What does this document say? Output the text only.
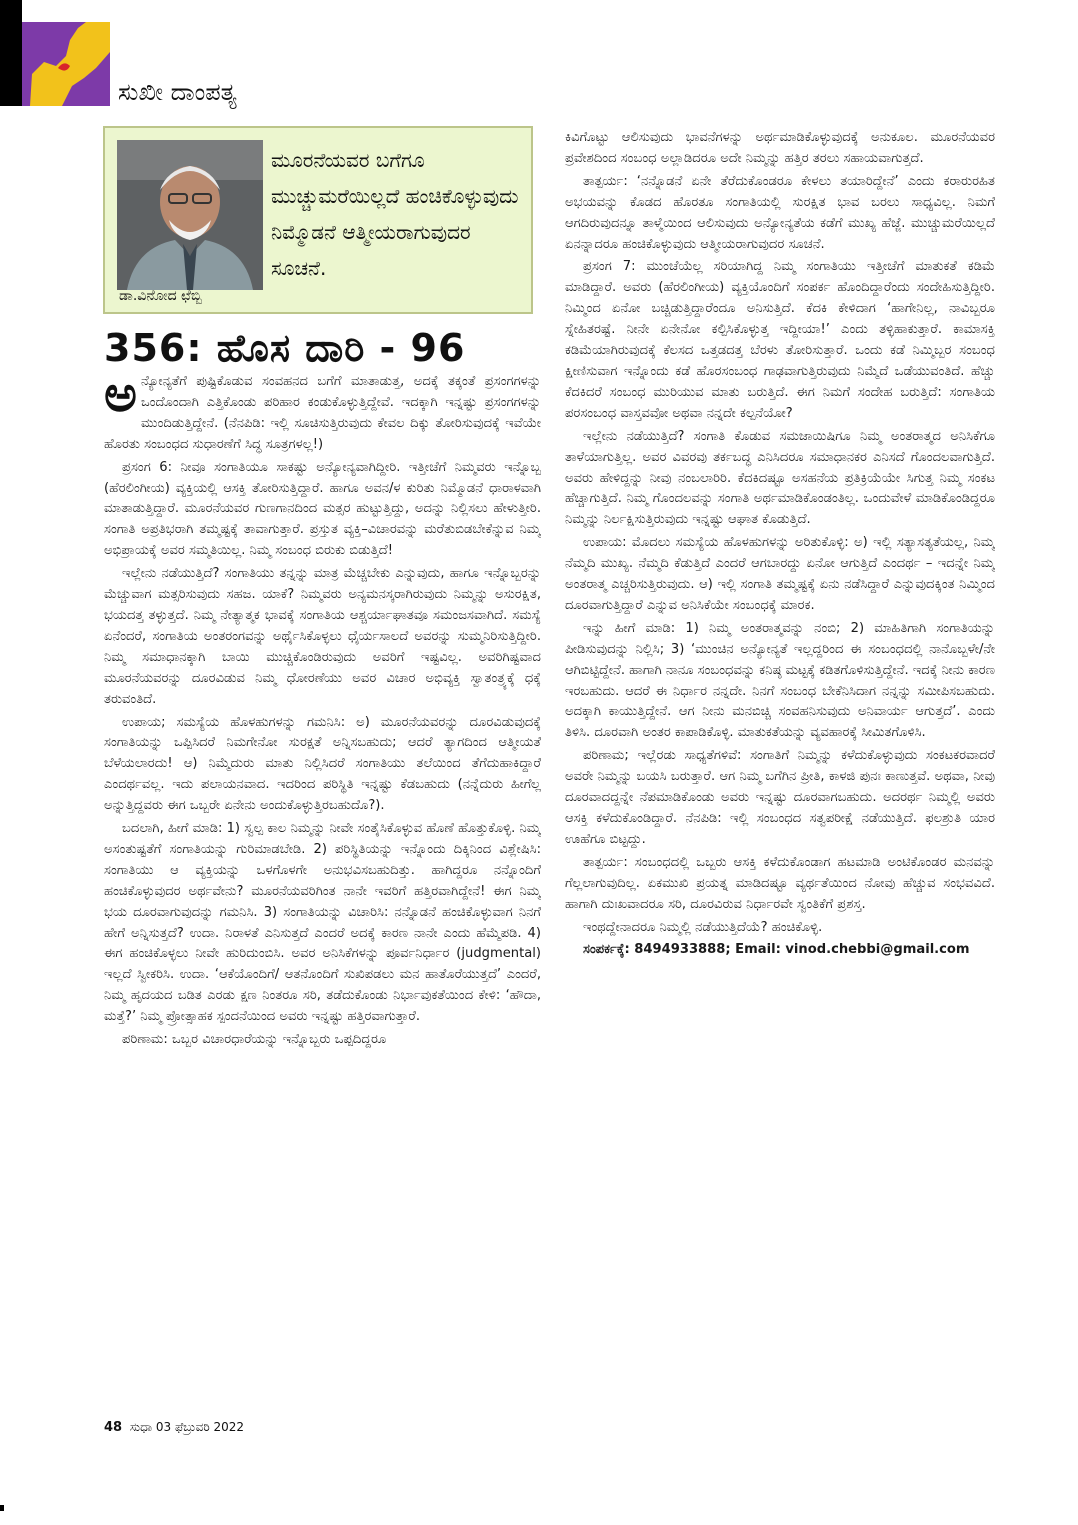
ಸುಖೀ ದಾಂಪತ್ಯ
ಡಾ.ವಿನೋದ ಛೆಬ್ಬಿ
ಮೂರನೆಯವರ ಬಗೆಗೂ ಮುಚ್ಚುಮರೆಯಿಲ್ಲದೆ ಹಂಚಿಕೊಳ್ಳುವುದು ನಿಮ್ಮೊಡನೆ ಆತ್ಮೀಯರಾಗುವುದರ ಸೂಚನೆ.
356: ಹೊಸ ದಾರಿ - 96

ಅನ್ಯೋನ್ಯತೆಗೆ ಪುಷ್ಟಿಕೊಡುವ ಸಂವಹನದ ಬಗೆಗೆ ಮಾತಾಡುತ್ತ, ಅದಕ್ಕೆ ತಕ್ಕಂತೆ ಪ್ರಸಂಗಗಳನ್ನು ಒಂದೊಂದಾಗಿ ಎತ್ತಿಕೊಂಡು ಪರಿಹಾರ ಕಂಡುಕೊಳ್ಳುತ್ತಿದ್ದೇವೆ. ಇದಕ್ಕಾಗಿ ಇನ್ನಷ್ಟು ಪ್ರಸಂಗಗಳನ್ನು ಮುಂದಿಡುತ್ತಿದ್ದೇನೆ. (ನೆನಪಿಡಿ: ಇಲ್ಲಿ ಸೂಚಿಸುತ್ತಿರುವುದು ಕೇವಲ ದಿಕ್ಕು ತೋರಿಸುವುದಕ್ಕೆ ಇವೆಯೇ ಹೊರತು ಸಂಬಂಧದ ಸುಧಾರಣೆಗೆ ಸಿದ್ಧ ಸೂತ್ರಗಳಲ್ಲ!)

ಪ್ರಸಂಗ 6: ನೀವೂ ಸಂಗಾತಿಯೂ ಸಾಕಷ್ಟು ಅನ್ಯೋನ್ಯವಾಗಿದ್ದೀರಿ. ಇತ್ತೀಚೆಗೆ ನಿಮ್ಮವರು ಇನ್ನೊಬ್ಬ (ಹೆರಲಿಂಗೀಯ) ವ್ಯಕ್ತಿಯಲ್ಲಿ ಆಸಕ್ತಿ ತೋರಿಸುತ್ತಿದ್ದಾರೆ. ಹಾಗೂ ಅವನ/ಳ ಕುರಿತು ನಿಮ್ಮೊಡನೆ ಧಾರಾಳವಾಗಿ ಮಾತಾಡುತ್ತಿದ್ದಾರೆ. ಮೂರನೆಯವರ ಗುಣಗಾನದಿಂದ ಮತ್ಸರ ಹುಟ್ಟುತ್ತಿದ್ದು, ಅದನ್ನು ನಿಲ್ಲಿಸಲು ಹೇಳುತ್ತೀರಿ. ಸಂಗಾತಿ ಅಪ್ರತಿಭರಾಗಿ ತಮ್ಮಷ್ಟಕ್ಕೆ ತಾವಾಗುತ್ತಾರೆ. ಪ್ರಸ್ತುತ ವ್ಯಕ್ತಿ–ವಿಚಾರವನ್ನು ಮರೆತುಬಿಡಬೇಕೆನ್ನುವ ನಿಮ್ಮ ಅಭಿಪ್ರಾಯಕ್ಕೆ ಅವರ ಸಮ್ಮತಿಯಿಲ್ಲ. ನಿಮ್ಮ ಸಂಬಂಧ ಬಿರುಕು ಬಿಡುತ್ತಿದೆ!

ಇಲ್ಲೇನು ನಡೆಯುತ್ತಿದೆ? ಸಂಗಾತಿಯು ತನ್ನನ್ನು ಮಾತ್ರ ಮೆಚ್ಚಬೇಕು ಎನ್ನುವುದು, ಹಾಗೂ ಇನ್ನೊಬ್ಬರನ್ನು ಮೆಚ್ಚುವಾಗ ಮತ್ಸರಿಸುವುದು ಸಹಜ. ಯಾಕೆ? ನಿಮ್ಮವರು ಅನ್ಯಮನಸ್ಕರಾಗಿರುವುದು ನಿಮ್ಮನ್ನು ಅಸುರಕ್ಷಿತ, ಭಯದತ್ತ ತಳ್ಳುತ್ತದೆ. ನಿಮ್ಮ ನೇತ್ಯಾತ್ಮಕ ಭಾವಕ್ಕೆ ಸಂಗಾತಿಯ ಆಶ್ಚರ್ಯಾಘಾತವೂ ಸಮಂಜಸವಾಗಿದೆ. ಸಮಸ್ಯೆ ಏನೆಂದರೆ, ಸಂಗಾತಿಯ ಅಂತರಂಗವನ್ನು ಅರ್ಥೈಸಿಕೊಳ್ಳಲು ಧೈರ್ಯಸಾಲದೆ ಅವರನ್ನು ಸುಮ್ಮನಿರಿಸುತ್ತಿದ್ದೀರಿ. ನಿಮ್ಮ ಸಮಾಧಾನಕ್ಕಾಗಿ ಬಾಯಿ ಮುಚ್ಚಿಕೊಂಡಿರುವುದು ಅವರಿಗೆ ಇಷ್ಟವಿಲ್ಲ. ಅವರಿಗಿಷ್ಟವಾದ ಮೂರನೆಯವರನ್ನು ದೂರವಿಡುವ ನಿಮ್ಮ ಧೋರಣೆಯು ಅವರ ವಿಚಾರ ಅಭಿವ್ಯಕ್ತಿ ಸ್ವಾತಂತ್ರ್ಯಕ್ಕೆ ಧಕ್ಕೆ ತರುವಂತಿದೆ.

ಉಪಾಯ; ಸಮಸ್ಯೆಯ ಹೊಳಹುಗಳನ್ನು ಗಮನಿಸಿ: ಅ) ಮೂರನೆಯವರನ್ನು ದೂರವಿಡುವುದಕ್ಕೆ ಸಂಗಾತಿಯನ್ನು ಒಪ್ಪಿಸಿದರೆ ನಿಮಗೇನೋ ಸುರಕ್ಷತೆ ಅನ್ನಿಸಬಹುದು; ಆದರೆ ತ್ಯಾಗದಿಂದ ಆತ್ಮೀಯತೆ ಬೆಳೆಯಲಾರದು! ಆ) ನಿಮ್ಮೆದುರು ಮಾತು ನಿಲ್ಲಿಸಿದರೆ ಸಂಗಾತಿಯು ತಲೆಯಿಂದ ತೆಗೆದುಹಾಕಿದ್ದಾರೆ ಎಂದರ್ಥವಲ್ಲ. ಇದು ಪಲಾಯನವಾದ. ಇದರಿಂದ ಪರಿಸ್ಥಿತಿ ಇನ್ನಷ್ಟು ಕೆಡಬಹುದು (ನನ್ನೆದುರು ಹೀಗೆಲ್ಲ ಅನ್ನುತ್ತಿದ್ದವರು ಈಗ ಒಬ್ಬರೇ ಏನೇನು ಅಂದುಕೊಳ್ಳುತ್ತಿರಬಹುದೊ?).

ಬದಲಾಗಿ, ಹೀಗೆ ಮಾಡಿ: 1) ಸ್ವಲ್ಪ ಕಾಲ ನಿಮ್ಮನ್ನು ನೀವೇ ಸಂತೈಸಿಕೊಳ್ಳುವ ಹೊಣೆ ಹೊತ್ತುಕೊಳ್ಳಿ. ನಿಮ್ಮ ಅಸಂತುಷ್ಟತೆಗೆ ಸಂಗಾತಿಯನ್ನು ಗುರಿಮಾಡಬೇಡಿ. 2) ಪರಿಸ್ಥಿತಿಯನ್ನು ಇನ್ನೊಂದು ದಿಕ್ಕಿನಿಂದ ವಿಶ್ಲೇಷಿಸಿ: ಸಂಗಾತಿಯು ಆ ವ್ಯಕ್ತಿಯನ್ನು ಒಳಗೊಳಗೇ ಅನುಭವಿಸಬಹುದಿತ್ತು. ಹಾಗಿದ್ದರೂ ನನ್ನೊಂದಿಗೆ ಹಂಚಿಕೊಳ್ಳುವುದರ ಅರ್ಥವೇನು? ಮೂರನೆಯವರಿಗಿಂತ ನಾನೇ ಇವರಿಗೆ ಹತ್ತಿರವಾಗಿದ್ದೇನೆ! ಈಗ ನಿಮ್ಮ ಭಯ ದೂರವಾಗುವುದನ್ನು ಗಮನಿಸಿ. 3) ಸಂಗಾತಿಯನ್ನು ವಿಚಾರಿಸಿ: ನನ್ನೊಡನೆ ಹಂಚಿಕೊಳ್ಳುವಾಗ ನಿನಗೆ ಹೇಗೆ ಅನ್ನಿಸುತ್ತದೆ? ಉದಾ. ನಿರಾಳತೆ ಎನಿಸುತ್ತದೆ ಎಂದರೆ ಅದಕ್ಕೆ ಕಾರಣ ನಾನೇ ಎಂದು ಹೆಮ್ಮೆಪಡಿ. 4) ಈಗ ಹಂಚಿಕೊಳ್ಳಲು ನೀವೇ ಹುರಿದುಂಬಿಸಿ. ಅವರ ಅನಿಸಿಕೆಗಳನ್ನು ಪೂರ್ವನಿರ್ಧಾರ (judgmental) ಇಲ್ಲದೆ ಸ್ವೀಕರಿಸಿ. ಉದಾ. ‘ಆಕೆಯೊಂದಿಗೆ/ ಆತನೊಂದಿಗೆ ಸುಖಿಪಡಲು ಮನ ಹಾತೊರೆಯುತ್ತದೆ’ ಎಂದರೆ, ನಿಮ್ಮ ಹೃದಯದ ಬಡಿತ ಎರಡು ಕ್ಷಣ ನಿಂತರೂ ಸರಿ, ತಡೆದುಕೊಂಡು ನಿರ್ಭಾವುಕತೆಯಿಂದ ಕೇಳಿ: ‘ಹೌದಾ, ಮತ್ತೆ?’ ನಿಮ್ಮ ಪ್ರೋತ್ಸಾಹಕ ಸ್ಪಂದನೆಯಿಂದ ಅವರು ಇನ್ನಷ್ಟು ಹತ್ತಿರವಾಗುತ್ತಾರೆ.

ಪರಿಣಾಮ: ಒಬ್ಬರ ವಿಚಾರಧಾರೆಯನ್ನು ಇನ್ನೊಬ್ಬರು ಒಪ್ಪದಿದ್ದರೂ

ಕಿವಿಗೊಟ್ಟು ಆಲಿಸುವುದು ಭಾವನೆಗಳನ್ನು ಅರ್ಥಮಾಡಿಕೊಳ್ಳುವುದಕ್ಕೆ ಅನುಕೂಲ. ಮೂರನೆಯವರ ಪ್ರವೇಶದಿಂದ ಸಂಬಂಧ ಅಲ್ಲಾಡಿದರೂ ಅದೇ ನಿಮ್ಮನ್ನು ಹತ್ತಿರ ತರಲು ಸಹಾಯವಾಗುತ್ತದೆ.

ತಾತ್ಪರ್ಯ: ‘ನನ್ನೊಡನೆ ಏನೇ ತೆರೆದುಕೊಂಡರೂ ಕೇಳಲು ತಯಾರಿದ್ದೇನೆ’ ಎಂದು ಕರಾರುರಹಿತ ಅಭಯವನ್ನು ಕೊಡದ ಹೊರತೂ ಸಂಗಾತಿಯಲ್ಲಿ ಸುರಕ್ಷಿತ ಭಾವ ಬರಲು ಸಾಧ್ಯವಿಲ್ಲ. ನಿಮಗೆ ಆಗದಿರುವುದನ್ನೂ ತಾಳ್ಮೆಯಿಂದ ಆಲಿಸುವುದು ಅನ್ಯೋನ್ಯತೆಯ ಕಡೆಗೆ ಮುಖ್ಯ ಹೆಜ್ಜೆ. ಮುಚ್ಚುಮರೆಯಿಲ್ಲದೆ ಏನನ್ನಾದರೂ ಹಂಚಿಕೊಳ್ಳುವುದು ಆತ್ಮೀಯರಾಗುವುದರ ಸೂಚನೆ.

ಪ್ರಸಂಗ 7: ಮುಂಚೆಯೆಲ್ಲ ಸರಿಯಾಗಿದ್ದ ನಿಮ್ಮ ಸಂಗಾತಿಯು ಇತ್ತೀಚೆಗೆ ಮಾತುಕತೆ ಕಡಿಮೆ ಮಾಡಿದ್ದಾರೆ. ಅವರು (ಹೆರಲಿಂಗೀಯ) ವ್ಯಕ್ತಿಯೊಂದಿಗೆ ಸಂಪರ್ಕ ಹೊಂದಿದ್ದಾರೆಂದು ಸಂದೇಹಿಸುತ್ತಿದ್ದೀರಿ. ನಿಮ್ಮಿಂದ ಏನೋ ಬಚ್ಚಿಡುತ್ತಿದ್ದಾರೆಂದೂ ಅನಿಸುತ್ತಿದೆ. ಕೆದಕಿ ಕೇಳಿದಾಗ ‘ಹಾಗೇನಿಲ್ಲ, ನಾವಿಬ್ಬರೂ ಸ್ನೇಹಿತರಷ್ಟೆ. ನೀನೇ ಏನೇನೋ ಕಲ್ಪಿಸಿಕೊಳ್ಳುತ್ತ ಇದ್ದೀಯಾ!’ ಎಂದು ತಳ್ಳಿಹಾಕುತ್ತಾರೆ. ಕಾಮಾಸಕ್ತಿ ಕಡಿಮೆಯಾಗಿರುವುದಕ್ಕೆ ಕೆಲಸದ ಒತ್ತಡದತ್ತ ಬೆರಳು ತೋರಿಸುತ್ತಾರೆ. ಒಂದು ಕಡೆ ನಿಮ್ಮಿಬ್ಬರ ಸಂಬಂಧ ಕ್ಷೀಣಿಸುವಾಗ ಇನ್ನೊಂದು ಕಡೆ ಹೊರಸಂಬಂಧ ಗಾಢವಾಗುತ್ತಿರುವುದು ನಿಮ್ಮೆದೆ ಒಡೆಯುವಂತಿದೆ. ಹೆಚ್ಚು ಕೆದಕಿದರೆ ಸಂಬಂಧ ಮುರಿಯುವ ಮಾತು ಬರುತ್ತಿದೆ. ಈಗ ನಿಮಗೆ ಸಂದೇಹ ಬರುತ್ತಿದೆ: ಸಂಗಾತಿಯ ಪರಸಂಬಂಧ ವಾಸ್ತವವೋ ಅಥವಾ ನನ್ನದೇ ಕಲ್ಪನೆಯೋ?

ಇಲ್ಲೇನು ನಡೆಯುತ್ತಿದೆ? ಸಂಗಾತಿ ಕೊಡುವ ಸಮಜಾಯಿಷಿಗೂ ನಿಮ್ಮ ಅಂತರಾತ್ಮದ ಅನಿಸಿಕೆಗೂ ತಾಳೆಯಾಗುತ್ತಿಲ್ಲ. ಅವರ ವಿವರವು ತರ್ಕಬದ್ಧ ಎನಿಸಿದರೂ ಸಮಾಧಾನಕರ ಎನಿಸದೆ ಗೊಂದಲವಾಗುತ್ತಿದೆ. ಅವರು ಹೇಳಿದ್ದನ್ನು ನೀವು ನಂಬಲಾರಿರಿ. ಕೆದಕಿದಷ್ಟೂ ಅಸಹನೆಯ ಪ್ರತಿಕ್ರಿಯೆಯೇ ಸಿಗುತ್ತ ನಿಮ್ಮ ಸಂಕಟ ಹೆಚ್ಚಾಗುತ್ತಿದೆ. ನಿಮ್ಮ ಗೊಂದಲವನ್ನು ಸಂಗಾತಿ ಅರ್ಥಮಾಡಿಕೊಂಡಂತಿಲ್ಲ. ಒಂದುವೇಳೆ ಮಾಡಿಕೊಂಡಿದ್ದರೂ ನಿಮ್ಮನ್ನು ನಿರ್ಲಕ್ಷಿಸುತ್ತಿರುವುದು ಇನ್ನಷ್ಟು ಆಘಾತ ಕೊಡುತ್ತಿದೆ.

ಉಪಾಯ: ಮೊದಲು ಸಮಸ್ಯೆಯ ಹೊಳಹುಗಳನ್ನು ಅರಿತುಕೊಳ್ಳಿ: ಅ) ಇಲ್ಲಿ ಸತ್ಯಾಸತ್ಯತೆಯಲ್ಲ, ನಿಮ್ಮ ನೆಮ್ಮದಿ ಮುಖ್ಯ. ನೆಮ್ಮದಿ ಕೆಡುತ್ತಿದೆ ಎಂದರೆ ಆಗಬಾರದ್ದು ಏನೋ ಆಗುತ್ತಿದೆ ಎಂದರ್ಥ – ಇದನ್ನೇ ನಿಮ್ಮ ಅಂತರಾತ್ಮ ಎಚ್ಚರಿಸುತ್ತಿರುವುದು. ಆ) ಇಲ್ಲಿ ಸಂಗಾತಿ ತಮ್ಮಷ್ಟಕ್ಕೆ ಏನು ನಡೆಸಿದ್ದಾರೆ ಎನ್ನುವುದಕ್ಕಿಂತ ನಿಮ್ಮಿಂದ ದೂರವಾಗುತ್ತಿದ್ದಾರೆ ಎನ್ನುವ ಅನಿಸಿಕೆಯೇ ಸಂಬಂಧಕ್ಕೆ ಮಾರಕ.

ಇನ್ನು ಹೀಗೆ ಮಾಡಿ: 1) ನಿಮ್ಮ ಅಂತರಾತ್ಮವನ್ನು ನಂಬಿ; 2) ಮಾಹಿತಿಗಾಗಿ ಸಂಗಾತಿಯನ್ನು ಪೀಡಿಸುವುದನ್ನು ನಿಲ್ಲಿಸಿ; 3) ‘ಮುಂಚಿನ ಅನ್ಯೋನ್ಯತೆ ಇಲ್ಲದ್ದರಿಂದ ಈ ಸಂಬಂಧದಲ್ಲಿ ನಾನೊಬ್ಬಳೇ/ನೇ ಆಗಿಬಿಟ್ಟಿದ್ದೇನೆ. ಹಾಗಾಗಿ ನಾನೂ ಸಂಬಂಧವನ್ನು ಕನಿಷ್ಠ ಮಟ್ಟಕ್ಕೆ ಕಡಿತಗೊಳಿಸುತ್ತಿದ್ದೇನೆ. ಇದಕ್ಕೆ ನೀನು ಕಾರಣ ಇರಬಹುದು. ಆದರೆ ಈ ನಿರ್ಧಾರ ನನ್ನದೇ. ನಿನಗೆ ಸಂಬಂಧ ಬೇಕೆನಿಸಿದಾಗ ನನ್ನನ್ನು ಸಮೀಪಿಸಬಹುದು. ಅದಕ್ಕಾಗಿ ಕಾಯುತ್ತಿದ್ದೇನೆ. ಆಗ ನೀನು ಮನಬಿಚ್ಚಿ ಸಂವಹನಿಸುವುದು ಅನಿವಾರ್ಯ ಆಗುತ್ತದೆ’. ಎಂದು ತಿಳಿಸಿ. ದೂರವಾಗಿ ಅಂತರ ಕಾಪಾಡಿಕೊಳ್ಳಿ. ಮಾತುಕತೆಯನ್ನು ವ್ಯವಹಾರಕ್ಕೆ ಸೀಮಿತಗೊಳಿಸಿ.

ಪರಿಣಾಮ; ಇಲ್ಲೆರಡು ಸಾಧ್ಯತೆಗಳಿವೆ: ಸಂಗಾತಿಗೆ ನಿಮ್ಮನ್ನು ಕಳೆದುಕೊಳ್ಳುವುದು ಸಂಕಟಕರವಾದರೆ ಅವರೇ ನಿಮ್ಮನ್ನು ಬಯಸಿ ಬರುತ್ತಾರೆ. ಆಗ ನಿಮ್ಮ ಬಗೆಗಿನ ಪ್ರೀತಿ, ಕಾಳಜಿ ಪುನಃ ಕಾಣುತ್ತವೆ. ಅಥವಾ, ನೀವು ದೂರವಾದದ್ದನ್ನೇ ನೆಪಮಾಡಿಕೊಂಡು ಅವರು ಇನ್ನಷ್ಟು ದೂರವಾಗಬಹುದು. ಅದರರ್ಥ ನಿಮ್ಮಲ್ಲಿ ಅವರು ಆಸಕ್ತಿ ಕಳೆದುಕೊಂಡಿದ್ದಾರೆ. ನೆನಪಿಡಿ: ಇಲ್ಲಿ ಸಂಬಂಧದ ಸತ್ವಪರೀಕ್ಷೆ ನಡೆಯುತ್ತಿದೆ. ಫಲಶ್ರುತಿ ಯಾರ ಊಹೆಗೂ ಬಿಟ್ಟದ್ದು.

ತಾತ್ಪರ್ಯ: ಸಂಬಂಧದಲ್ಲಿ ಒಬ್ಬರು ಆಸಕ್ತಿ ಕಳೆದುಕೊಂಡಾಗ ಹಟಮಾಡಿ ಅಂಟಿಕೊಂಡರ ಮನವನ್ನು ಗೆಲ್ಲಲಾಗುವುದಿಲ್ಲ. ಏಕಮುಖಿ ಪ್ರಯತ್ನ ಮಾಡಿದಷ್ಟೂ ವ್ಯರ್ಥತೆಯಿಂದ ನೋವು ಹೆಚ್ಚುವ ಸಂಭವವಿದೆ. ಹಾಗಾಗಿ ದುಃಖವಾದರೂ ಸರಿ, ದೂರವಿರುವ ನಿರ್ಧಾರವೇ ಸ್ವಂತಿಕೆಗೆ ಪ್ರಶಸ್ತ.

ಇಂಥದ್ದೇನಾದರೂ ನಿಮ್ಮಲ್ಲಿ ನಡೆಯುತ್ತಿದೆಯೆ? ಹಂಚಿಕೊಳ್ಳಿ.

ಸಂಪರ್ಕಕ್ಕೆ: 8494933888; Email: vinod.chebbi@gmail.com

48 ಸುಧಾ 03 ಫೆಬ್ರುವರಿ 2022
